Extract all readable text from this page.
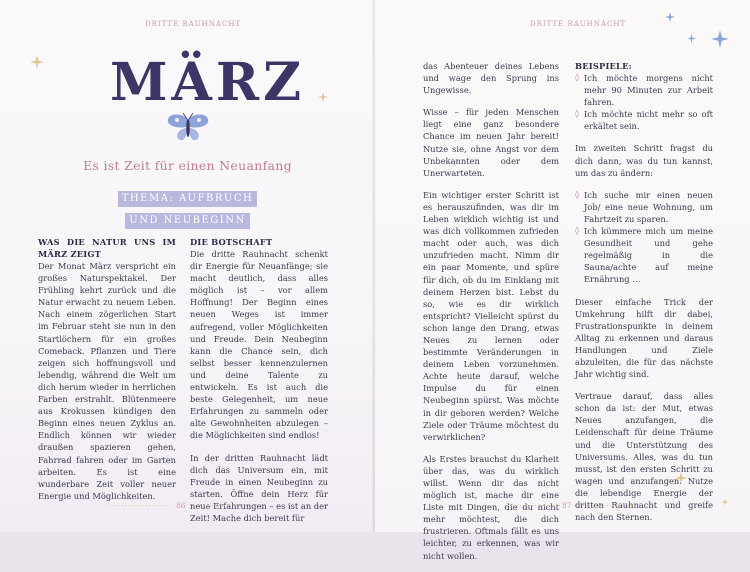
DRITTE RAUHNACHT
MÄRZ
Es ist Zeit für einen Neuanfang
THEMA: AUFBRUCH
UND NEUBEGINN
WAS DIE NATUR UNS IM MÄRZ ZEIGT

Der Monat März verspricht ein großes Naturspektakel. Der Frühling kehrt zurück und die Natur erwacht zu neuem Leben. Nach einem zögerlichen Start im Februar steht sie nun in den Startlöchern für ein großes Comeback. Pflanzen und Tiere zeigen sich hoffnungsvoll und lebendig, während die Welt um dich herum wieder in herrlichen Farben erstrahlt. Blütenmeere aus Krokussen kündigen den Beginn eines neuen Zyklus an. Endlich können wir wieder draußen spazieren gehen, Fahrrad fahren oder im Garten arbeiten. Es ist eine wunderbare Zeit voller neuer Energie und Möglichkeiten.

DIE BOTSCHAFT

Die dritte Rauhnacht schenkt dir Energie für Neuanfänge; sie macht deutlich, dass alles möglich ist – vor allem Hoffnung! Der Beginn eines neuen Weges ist immer aufregend, voller Möglichkeiten und Freude. Dein Neubeginn kann die Chance sein, dich selbst besser kennenzulernen und deine Talente zu entwickeln. Es ist auch die beste Gelegenheit, um neue Erfahrungen zu sammeln oder alte Gewohnheiten abzulegen – die Möglichkeiten sind endlos!

In der dritten Rauhnacht lädt dich das Universum ein, mit Freude in einen Neubeginn zu starten. Öffne dein Herz für neue Erfahrungen – es ist an der Zeit! Mache dich bereit für

86
DRITTE RAUHNACHT

das Abenteuer deines Lebens und wage den Sprung ins Ungewisse.

Wisse – für jeden Menschen liegt eine ganz besondere Chance im neuen Jahr bereit! Nutze sie, ohne Angst vor dem Unbekannten oder dem Unerwarteten.

Ein wichtiger erster Schritt ist es herauszufinden, was dir im Leben wirklich wichtig ist und was dich vollkommen zufrieden macht oder auch, was dich unzufrieden macht. Nimm dir ein paar Momente, und spüre für dich, ob du im Einklang mit deinem Herzen bist. Lebst du so, wie es dir wirklich entspricht? Vielleicht spürst du schon lange den Drang, etwas Neues zu lernen oder bestimmte Veränderungen in deinem Leben vorzunehmen. Achte heute darauf, welche Impulse du für einen Neubeginn spürst. Was möchte in dir geboren werden? Welche Ziele oder Träume möchtest du verwirklichen?

Als Erstes brauchst du Klarheit über das, was du wirklich willst. Wenn dir das nicht möglich ist, mache dir eine Liste mit Dingen, die du nicht mehr möchtest, die dich frustrieren. Oftmals fällt es uns leichter, zu erkennen, was wir nicht wollen.

BEISPIELE:
◊ Ich möchte morgens nicht mehr 90 Minuten zur Arbeit fahren.
◊ Ich möchte nicht mehr so oft erkältet sein.

Im zweiten Schritt fragst du dich dann, was du tun kannst, um das zu ändern:

◊ Ich suche mir einen neuen Job/ eine neue Wohnung, um Fahrtzeit zu sparen.
◊ Ich kümmere mich um meine Gesundheit und gehe regelmäßig in die Sauna/achte auf meine Ernährung …

Dieser einfache Trick der Umkehrung hilft dir dabei, Frustrationspunkte in deinem Alltag zu erkennen und daraus Handlungen und Ziele abzuleiten, die für das nächste Jahr wichtig sind.

Vertraue darauf, dass alles schon da ist: der Mut, etwas Neues anzufangen, die Leidenschaft für deine Träume und die Unterstützung des Universums. Alles, was du tun musst, ist den ersten Schritt zu wagen und anzufangen. Nutze die lebendige Energie der dritten Rauhnacht und greife nach den Sternen.

87
